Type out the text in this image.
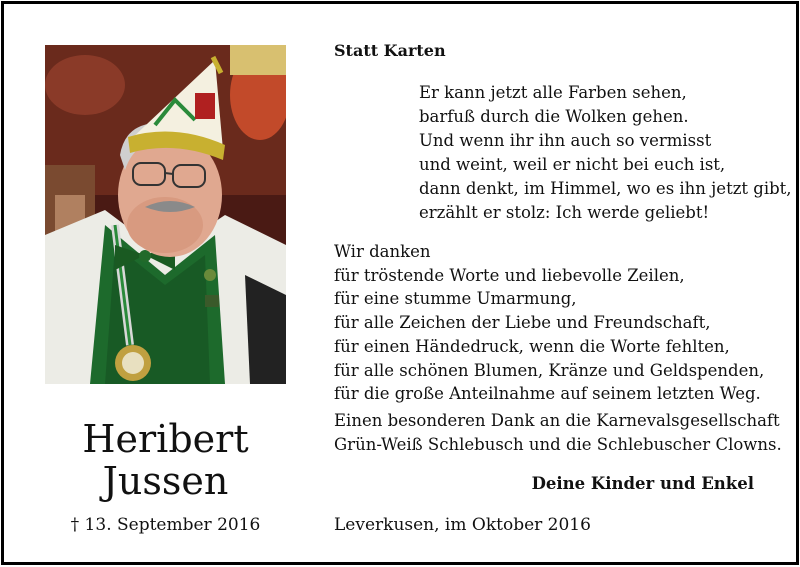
Heribert
Jussen
† 13. September 2016
Statt Karten
Er kann jetzt alle Farben sehen,
barfuß durch die Wolken gehen.
Und wenn ihr ihn auch so vermisst
und weint, weil er nicht bei euch ist,
dann denkt, im Himmel, wo es ihn jetzt gibt,
erzählt er stolz: Ich werde geliebt!
Wir danken
für tröstende Worte und liebevolle Zeilen,
für eine stumme Umarmung,
für alle Zeichen der Liebe und Freundschaft,
für einen Händedruck, wenn die Worte fehlten,
für alle schönen Blumen, Kränze und Geldspenden,
für die große Anteilnahme auf seinem letzten Weg.
Einen besonderen Dank an die Karnevalsgesellschaft
Grün-Weiß Schlebusch und die Schlebuscher Clowns.
Deine Kinder und Enkel
Leverkusen, im Oktober 2016
